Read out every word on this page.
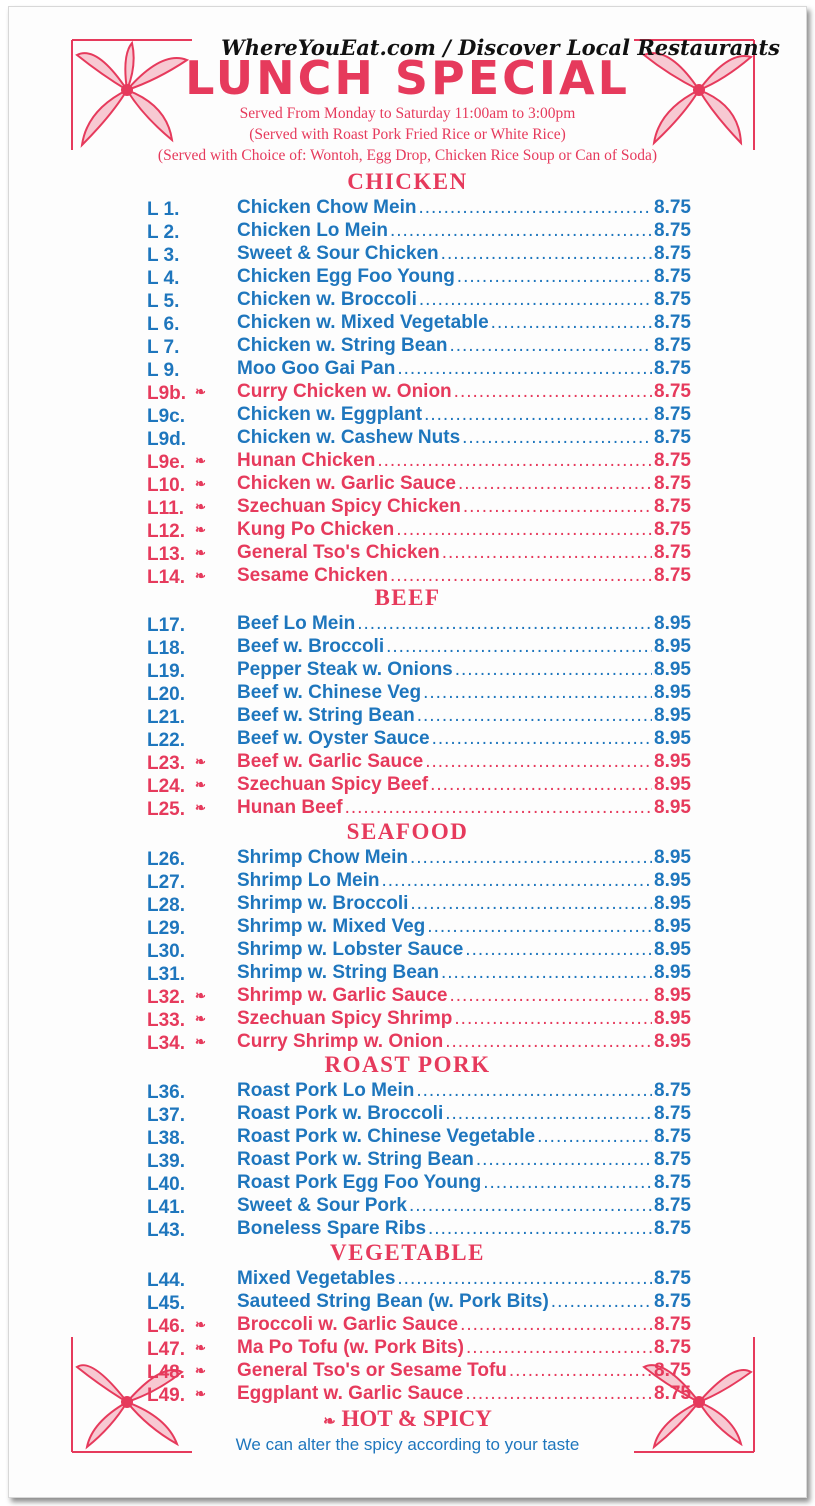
WhereYouEat.com / Discover Local Restaurants
LUNCH SPECIAL
Served From Monday to Saturday 11:00am to 3:00pm
(Served with Roast Pork Fried Rice or White Rice)
(Served with Choice of: Wontoh, Egg Drop, Chicken Rice Soup or Can of Soda)
CHICKEN
L 1.	Chicken Chow Mein .....	8.75
L 2.	Chicken Lo Mein .....	8.75
L 3.	Sweet & Sour Chicken .....	8.75
L 4.	Chicken Egg Foo Young .....	8.75
L 5.	Chicken w. Broccoli .....	8.75
L 6.	Chicken w. Mixed Vegetable .....	8.75
L 7.	Chicken w. String Bean .....	8.75
L 9.	Moo Goo Gai Pan .....	8.75
L9b. ❧ Curry Chicken w. Onion .....	8.75
L9c.	Chicken w. Eggplant .....	8.75
L9d.	Chicken w. Cashew Nuts .....	8.75
L9e. ❧ Hunan Chicken .....	8.75
L10. ❧ Chicken w. Garlic Sauce .....	8.75
L11. ❧ Szechuan Spicy Chicken .....	8.75
L12. ❧ Kung Po Chicken .....	8.75
L13. ❧ General Tso's Chicken .....	8.75
L14. ❧ Sesame Chicken .....	8.75
BEEF
L17.	Beef Lo Mein .....	8.95
L18.	Beef w. Broccoli .....	8.95
L19.	Pepper Steak w. Onions .....	8.95
L20.	Beef w. Chinese Veg .....	8.95
L21.	Beef w. String Bean .....	8.95
L22.	Beef w. Oyster Sauce .....	8.95
L23. ❧ Beef w. Garlic Sauce .....	8.95
L24. ❧ Szechuan Spicy Beef .....	8.95
L25. ❧ Hunan Beef .....	8.95
SEAFOOD
L26.	Shrimp Chow Mein .....	8.95
L27.	Shrimp Lo Mein .....	8.95
L28.	Shrimp w. Broccoli .....	8.95
L29.	Shrimp w. Mixed Veg .....	8.95
L30.	Shrimp w. Lobster Sauce .....	8.95
L31.	Shrimp w. String Bean .....	8.95
L32. ❧ Shrimp w. Garlic Sauce .....	8.95
L33. ❧ Szechuan Spicy Shrimp .....	8.95
L34. ❧ Curry Shrimp w. Onion .....	8.95
ROAST PORK
L36.	Roast Pork Lo Mein .....	8.75
L37.	Roast Pork w. Broccoli .....	8.75
L38.	Roast Pork w. Chinese Vegetable .....	8.75
L39.	Roast Pork w. String Bean .....	8.75
L40.	Roast Pork Egg Foo Young .....	8.75
L41.	Sweet & Sour Pork .....	8.75
L43.	Boneless Spare Ribs .....	8.75
VEGETABLE
L44.	Mixed Vegetables .....	8.75
L45.	Sauteed String Bean (w. Pork Bits) .....	8.75
L46. ❧ Broccoli w. Garlic Sauce .....	8.75
L47. ❧ Ma Po Tofu (w. Pork Bits) .....	8.75
L48. ❧ General Tso's or Sesame Tofu .....	8.75
L49. ❧ Eggplant w. Garlic Sauce .....	8.75
❧ HOT & SPICY
We can alter the spicy according to your taste
